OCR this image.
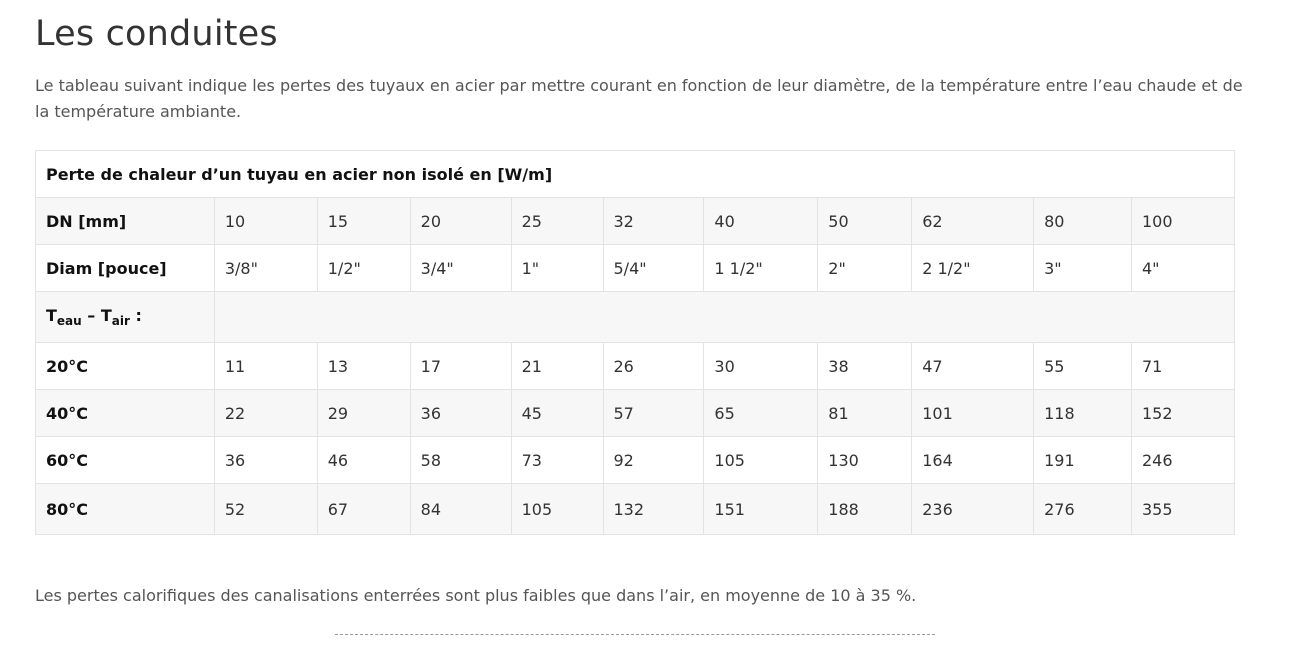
Les conduites

Le tableau suivant indique les pertes des tuyaux en acier par mettre courant en fonction de leur diamètre, de la température entre l’eau chaude et de la température ambiante.

Perte de chaleur d’un tuyau en acier non isolé en [W/m]										
DN [mm]	10	15	20	25	32	40	50	62	80	100
Diam [pouce]	3/8"	1/2"	3/4"	1"	5/4"	1 1/2"	2"	2 1/2"	3"	4"
$T_{eau} - T_{air}$ :										
20°C	11	13	17	21	26	30	38	47	55	71
40°C	22	29	36	45	57	65	81	101	118	152
60°C	36	46	58	73	92	105	130	164	191	246
80°C	52	67	84	105	132	151	188	236	276	355

Les pertes calorifiques des canalisations enterrées sont plus faibles que dans l’air, en moyenne de 10 à 35 %.
